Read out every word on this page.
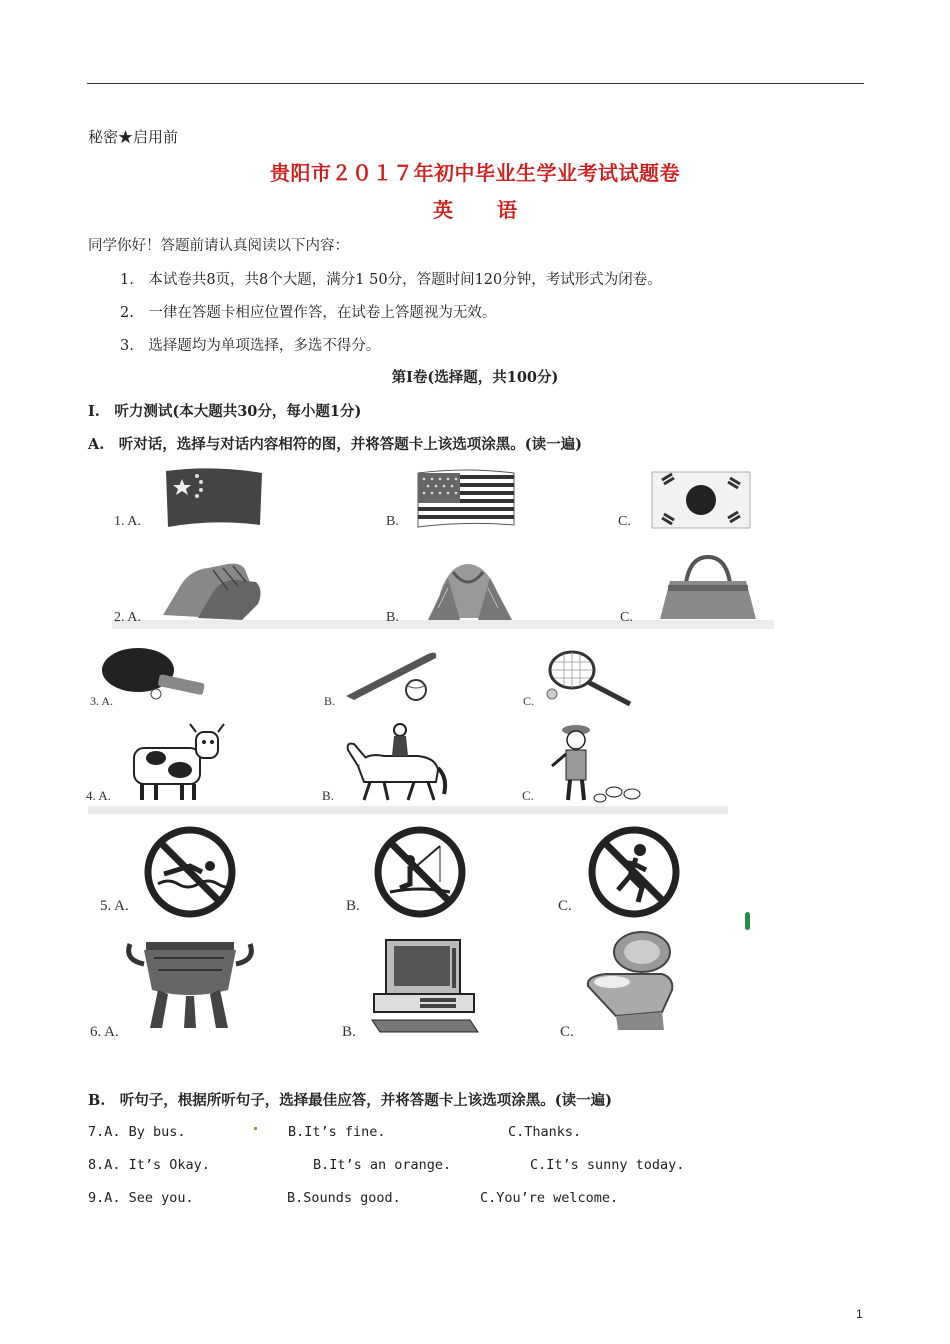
秘密★启用前
贵阳市２０１７年初中毕业生学业考试试题卷
英 语
同学你好！答题前请认真阅读以下内容：
1.　本试卷共8页，共8个大题，满分1 50分，答题时间120分钟，考试形式为闭卷。
2.　一律在答题卡相应位置作答，在试卷上答题视为无效。
3.　选择题均为单项选择，多选不得分。
第Ⅰ卷(选择题，共100分)
I.　听力测试(本大题共30分，每小题1分)
A.　听对话，选择与对话内容相符的图，并将答题卡上该选项涂黑。(读一遍)
1. A.	B.	C.
2. A.	B.	C.
3. A.	B.	C.
4. A.	B.	C.
5. A.	B.	C.
6. A.	B.	C.
B.　听句子，根据所听句子，选择最佳应答，并将答题卡上该选项涂黑。(读一遍)
7.A. By bus.	B.It’s fine.	C.Thanks.
8.A. It’s Okay.	B.It’s an orange.	C.It’s sunny today.
9.A. See you.	B.Sounds good.	C.You’re welcome.
1
